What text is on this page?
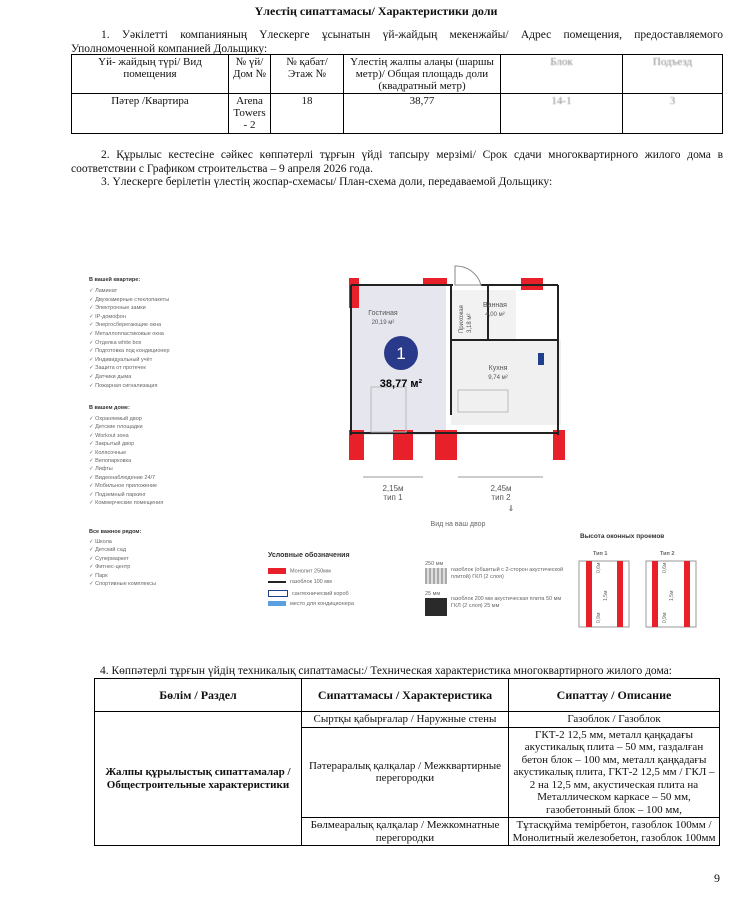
Үлестің сипаттамасы/ Характеристики доли
1. Уәкілетті компанияның Үлескерге ұсынатын үй-жайдың мекенжайы/ Адрес помещения, предоставляемого Уполномоченной компанией Дольщику:
Үй- жайдың түрі/ Вид помещения	№ үй/ Дом №	№ қабат/ Этаж №	Үлестің жалпы алаңы (шаршы метр)/ Общая площадь доли (квадратный метр)	Блок	Подъезд
Пәтер /Квартира	Arena Towers - 2	18	38,77	14-1	3
2. Құрылыс кестесіне сәйкес көппәтерлі тұрғын үйді тапсыру мерзімі/ Срок сдачи многоквартирного жилого дома в соответствии с Графиком строительства – 9 апреля 2026 года.
3. Үлескерге берілетін үлестің жоспар-схемасы/ План-схема доли, передаваемой Дольщику:
В вашей квартире:
✓ Ламинат
✓ Двухкамерные стеклопакеты
✓ Электронные замки
✓ IP-домофон
✓ Энергосберегающие окна
✓ Металлопластиковые окна
✓ Отделка white box
✓ Подготовка под кондиционер
✓ Индивидуальный учёт
✓ Защита от протечек
✓ Датчики дыма
✓ Пожарная сигнализация
В вашем доме:
✓ Охраняемый двор
✓ Детские площадки
✓ Workout зона
✓ Закрытый двор
✓ Колясочные
✓ Велопарковка
✓ Лифты
✓ Видеонаблюдение 24/7
✓ Мобильное приложение
✓ Подземный паркинг
✓ Коммерческие помещения
Все важное рядом:
✓ Школа
✓ Детский сад
✓ Супермаркет
✓ Фитнес-центр
✓ Парк
✓ Спортивные комплексы
1
38,77 м²
Гостиная
20,19 м²
Ванная
4,00 м²
Кухня
9,74 м²
Прихожая 3,18 м²
2,15м
тип 1
2,45м
тип 2
⇓
Вид на ваш двор
Условные обозначения
Монолит 250мм
газоблок 100 мм
сантехнический короб
место для кондиционера
250 мм
газоблок (обшитый с 2-сторон акустической плитой) ГКЛ (2 слоя)
25 мм
газоблок 200 мм акустическая плита 50 мм ГКЛ (2 слоя) 25 мм
Высота оконных проемов
Тип 1	Тип 2
0,6м
1,5м
0,9м
0,6м
1,5м
0,9м
4. Көппәтерлі тұрғын үйдің техникалық сипаттамасы:/ Техническая характеристика многоквартирного жилого дома:
Бөлім / Раздел	Сипаттамасы / Характеристика	Сипаттау / Описание
Жалпы құрылыстық сипаттамалар / Общестроительные характеристики	Сыртқы қабырғалар / Наружные стены	Газоблок / Газоблок
	Пәтераралық қалқалар / Межквартирные перегородки	ГКТ-2 12,5 мм, металл қаңқадағы акустикалық плита – 50 мм, газдалған бетон блок – 100 мм, металл қаңқадағы акустикалық плита, ГКТ-2 12,5 мм / ГКЛ – 2 на 12,5 мм, акустическая плита на Металлическом каркасе – 50 мм, газобетонный блок – 100 мм,
	Бөлмеаралық қалқалар / Межкомнатные перегородки	Тұтасқұйма темірбетон, газоблок 100мм / Монолитный железобетон, газоблок 100мм
9
